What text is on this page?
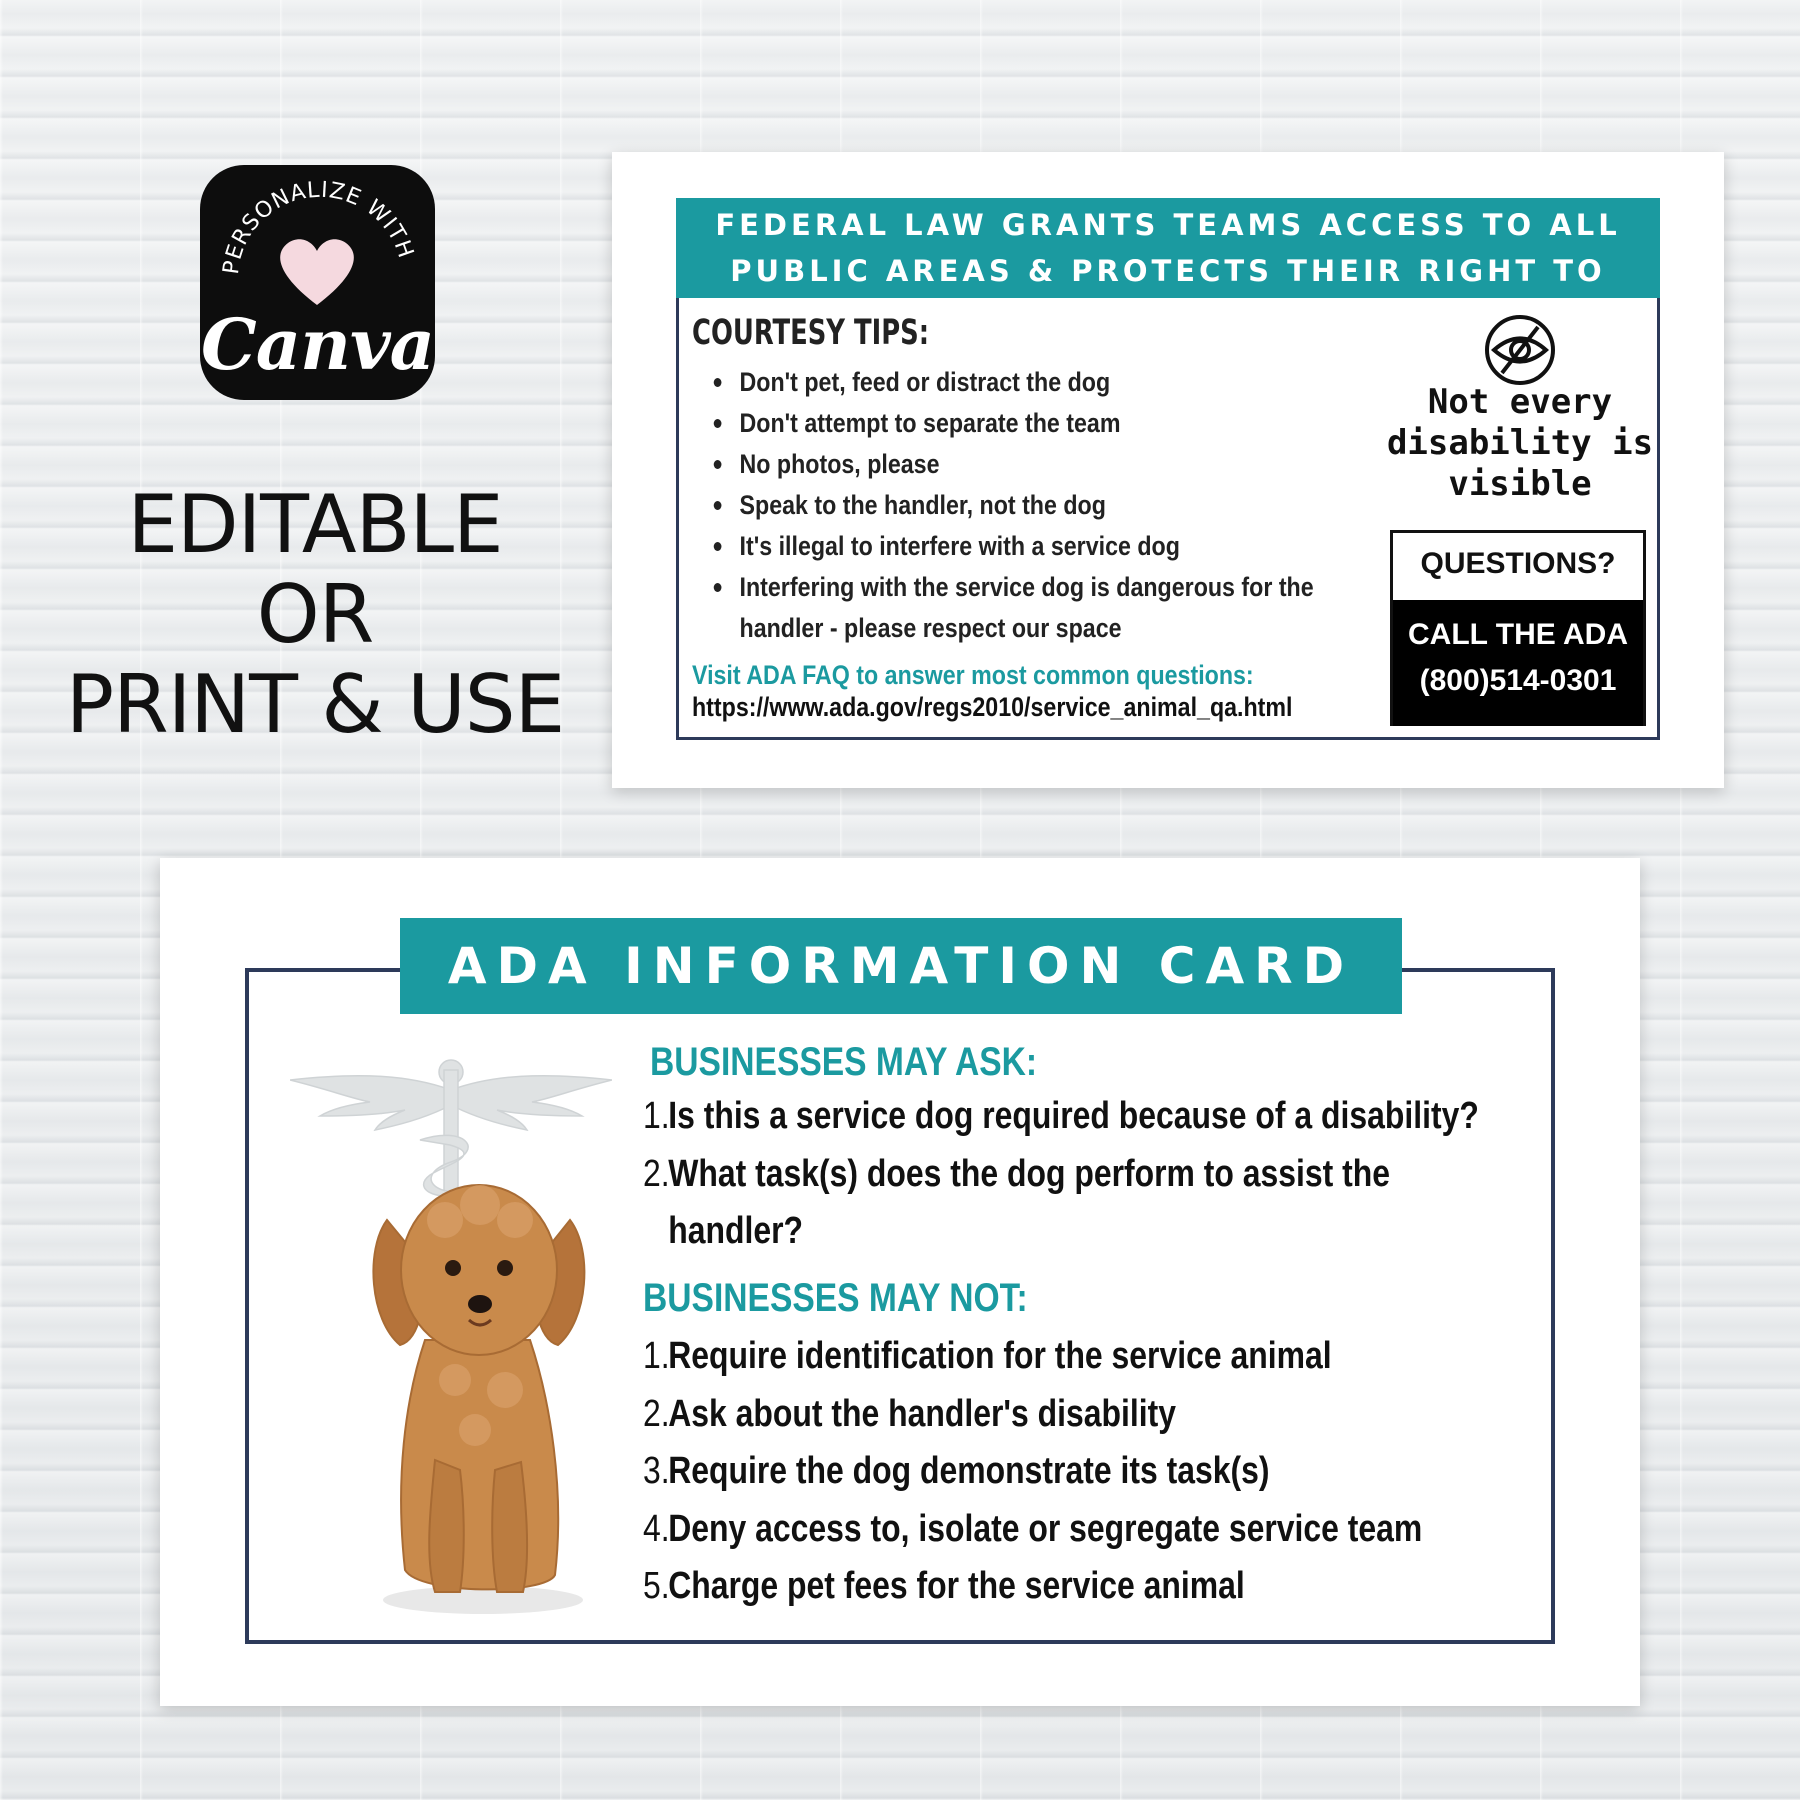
PERSONALIZE WITH
Canva
EDITABLE
OR
PRINT & USE
FEDERAL LAW GRANTS TEAMS ACCESS TO ALL
PUBLIC AREAS & PROTECTS THEIR RIGHT TO PRIVACY
COURTESY TIPS:
Don't pet, feed or distract the dog
Don't attempt to separate the team
No photos, please
Speak to the handler, not the dog
It's illegal to interfere with a service dog
Interfering with the service dog is dangerous for the
handler - please respect our space
Visit ADA FAQ to answer most common questions:
https://www.ada.gov/regs2010/service_animal_qa.html
Not every
disability is
visible
QUESTIONS?
CALL THE ADA
(800)514-0301
ADA INFORMATION CARD
BUSINESSES MAY ASK:
1.
Is this a service dog required because of a disability?
2.
What task(s) does the dog perform to assist the
handler?
BUSINESSES MAY NOT:
1.
Require identification for the service animal
2.
Ask about the handler's disability
3.
Require the dog demonstrate its task(s)
4.
Deny access to, isolate or segregate service team
5.
Charge pet fees for the service animal
